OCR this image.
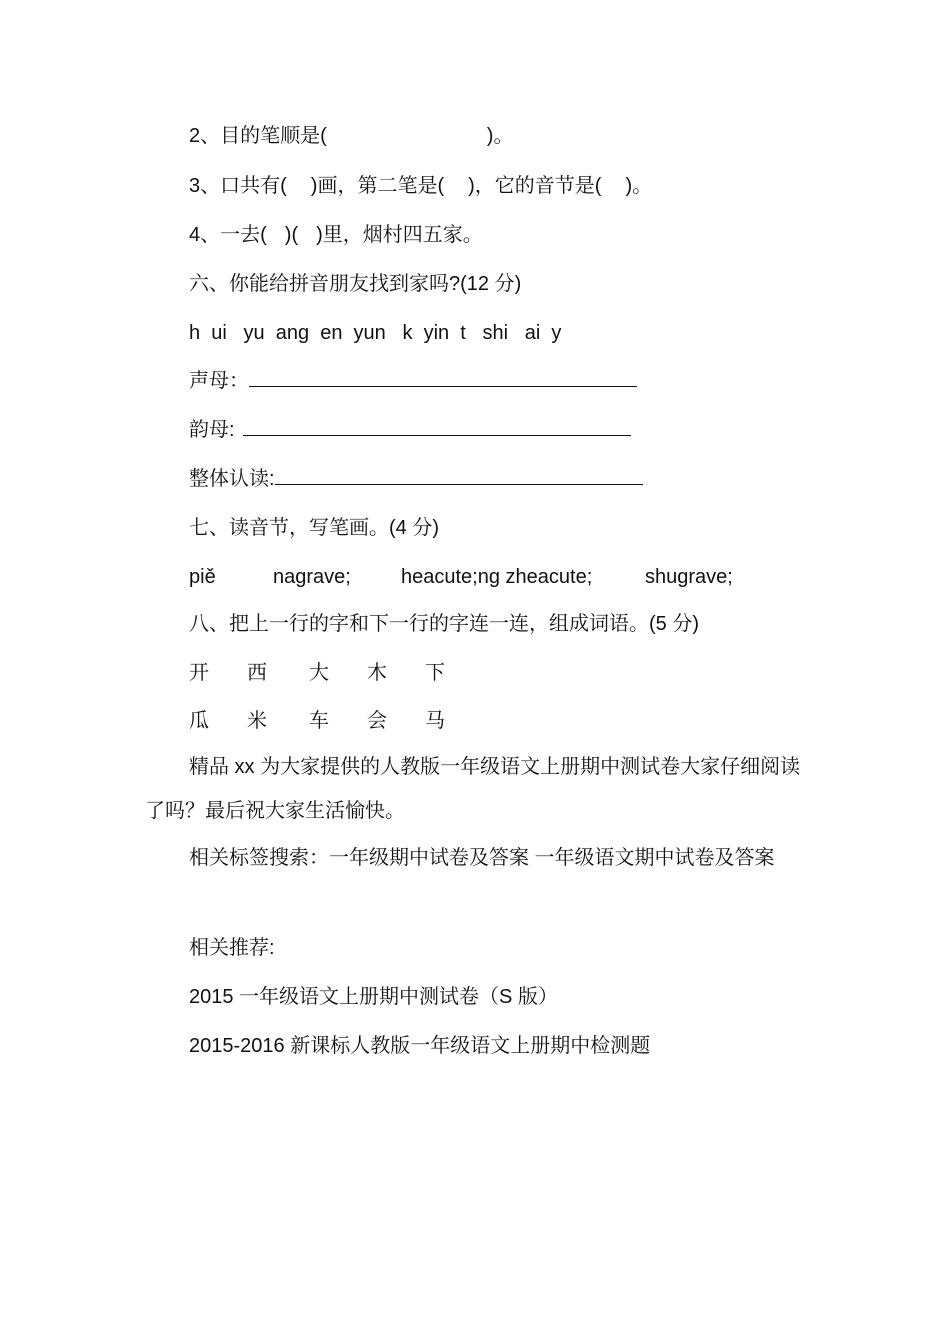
2、目的笔顺是(	)。
3、口共有( )画，第二笔是( )，它的音节是( )。
4、一去( )( )里，烟村四五家。
六、你能给拼音朋友找到家吗?(12 分)
h  ui   yu  ang  en  yun   k  yin  t   shi   ai  y
声母：
韵母:
整体认读:
七、读音节，写笔画。(4 分)
piě	nagrave;	heacute;ng zheacute;	shugrave;
八、把上一行的字和下一行的字连一连，组成词语。(5 分)
开 西 大 木 下
瓜 米 车 会 马
精品 xx 为大家提供的人教版一年级语文上册期中测试卷大家仔细阅读了吗？最后祝大家生活愉快。
相关标签搜索：一年级期中试卷及答案 一年级语文期中试卷及答案
相关推荐:
2015 一年级语文上册期中测试卷（S 版）
2015-2016 新课标人教版一年级语文上册期中检测题
